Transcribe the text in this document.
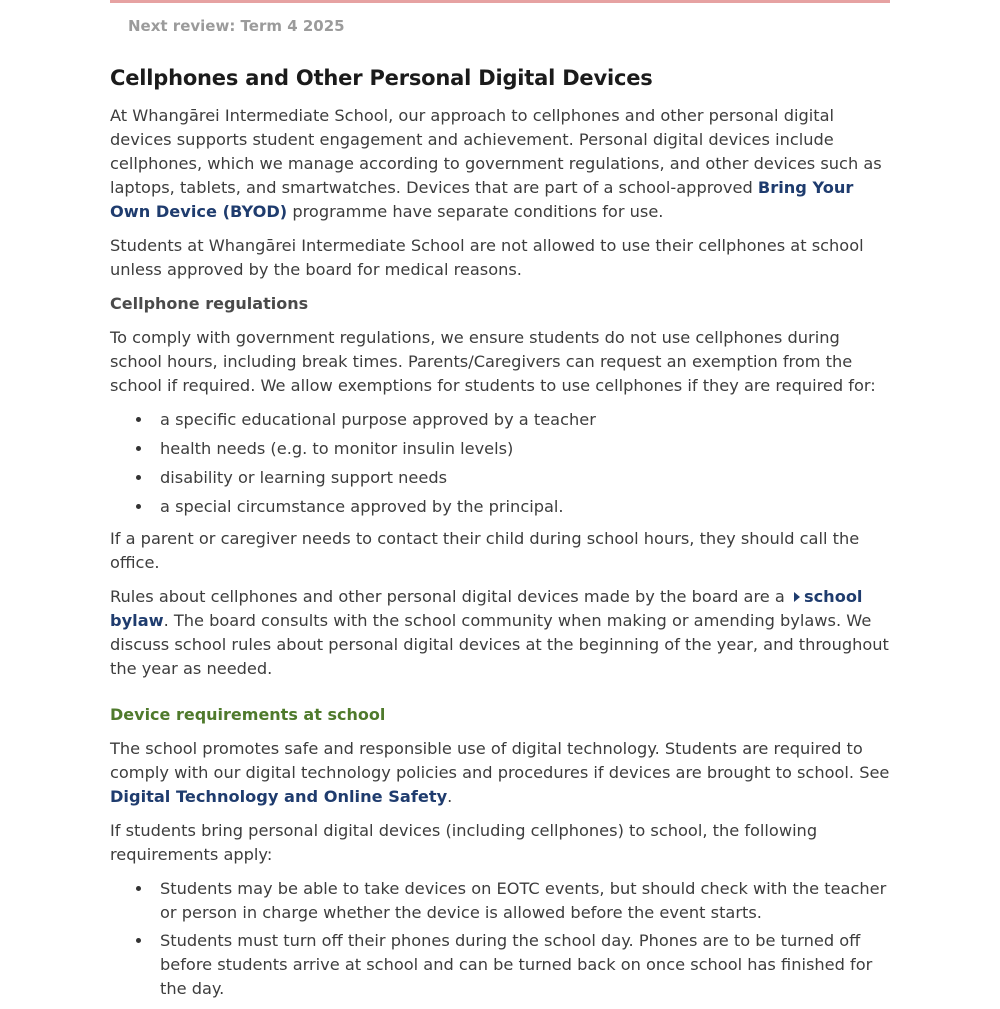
Next review: Term 4 2025
Cellphones and Other Personal Digital Devices

At Whangārei Intermediate School, our approach to cellphones and other personal digital devices supports student engagement and achievement. Personal digital devices include cellphones, which we manage according to government regulations, and other devices such as laptops, tablets, and smartwatches. Devices that are part of a school-approved Bring Your Own Device (BYOD) programme have separate conditions for use.

Students at Whangārei Intermediate School are not allowed to use their cellphones at school unless approved by the board for medical reasons.

Cellphone regulations

To comply with government regulations, we ensure students do not use cellphones during school hours, including break times. Parents/Caregivers can request an exemption from the school if required. We allow exemptions for students to use cellphones if they are required for:

a specific educational purpose approved by a teacher
health needs (e.g. to monitor insulin levels)
disability or learning support needs
a special circumstance approved by the principal.

If a parent or caregiver needs to contact their child during school hours, they should call the office.

Rules about cellphones and other personal digital devices made by the board are a school bylaw. The board consults with the school community when making or amending bylaws. We discuss school rules about personal digital devices at the beginning of the year, and throughout the year as needed.

Device requirements at school

The school promotes safe and responsible use of digital technology. Students are required to comply with our digital technology policies and procedures if devices are brought to school. See Digital Technology and Online Safety.

If students bring personal digital devices (including cellphones) to school, the following requirements apply:

Students may be able to take devices on EOTC events, but should check with the teacher or person in charge whether the device is allowed before the event starts.
Students must turn off their phones during the school day. Phones are to be turned off before students arrive at school and can be turned back on once school has finished for the day.
